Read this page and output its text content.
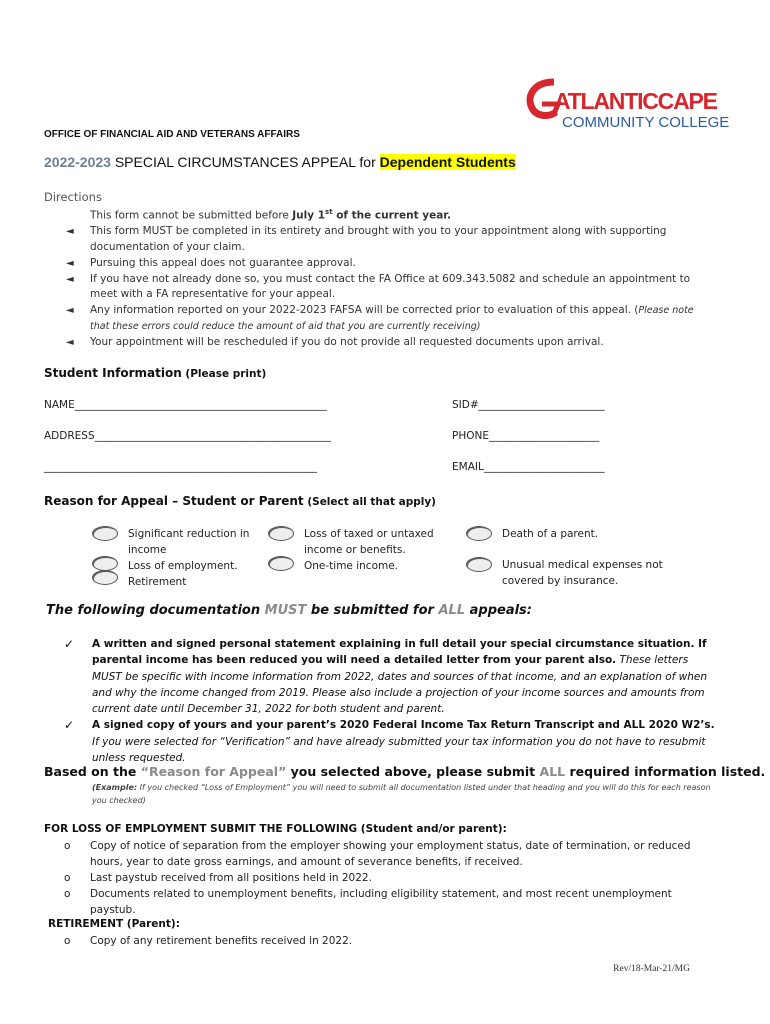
ATLANTICCAPE
COMMUNITY COLLEGE
OFFICE OF FINANCIAL AID AND VETERANS AFFAIRS
2022-2023 SPECIAL CIRCUMSTANCES APPEAL for Dependent Students
Directions
This form cannot be submitted before July 1st of the current year.
◄ This form MUST be completed in its entirety and brought with you to your appointment along with supporting documentation of your claim.
◄ Pursuing this appeal does not guarantee approval.
◄ If you have not already done so, you must contact the FA Office at 609.343.5082 and schedule an appointment to meet with a FA representative for your appeal.
◄ Any information reported on your 2022-2023 FAFSA will be corrected prior to evaluation of this appeal. (Please note that these errors could reduce the amount of aid that you are currently receiving)
◄ Your appointment will be rescheduled if you do not provide all requested documents upon arrival.
Student Information (Please print)
NAME________________________________________________	SID#________________________
ADDRESS_____________________________________________	PHONE_____________________
____________________________________________________	EMAIL_______________________
Reason for Appeal – Student or Parent (Select all that apply)
Significant reduction in income
Loss of employment.
Retirement
Loss of taxed or untaxed income or benefits.
One-time income.
Death of a parent.
Unusual medical expenses not covered by insurance.
The following documentation MUST be submitted for ALL appeals:
✓ A written and signed personal statement explaining in full detail your special circumstance situation. If parental income has been reduced you will need a detailed letter from your parent also. These letters MUST be specific with income information from 2022, dates and sources of that income, and an explanation of when and why the income changed from 2019. Please also include a projection of your income sources and amounts from current date until December 31, 2022 for both student and parent.
✓ A signed copy of yours and your parent’s 2020 Federal Income Tax Return Transcript and ALL 2020 W2’s. If you were selected for “Verification” and have already submitted your tax information you do not have to resubmit unless requested.
Based on the “Reason for Appeal” you selected above, please submit ALL required information listed.
(Example: If you checked “Loss of Employment” you will need to submit all documentation listed under that heading and you will do this for each reason you checked)
FOR LOSS OF EMPLOYMENT SUBMIT THE FOLLOWING (Student and/or parent):
o Copy of notice of separation from the employer showing your employment status, date of termination, or reduced hours, year to date gross earnings, and amount of severance benefits, if received.
o Last paystub received from all positions held in 2022.
o Documents related to unemployment benefits, including eligibility statement, and most recent unemployment paystub.
RETIREMENT (Parent):
o Copy of any retirement benefits received in 2022.
Rev/18-Mar-21/MG
